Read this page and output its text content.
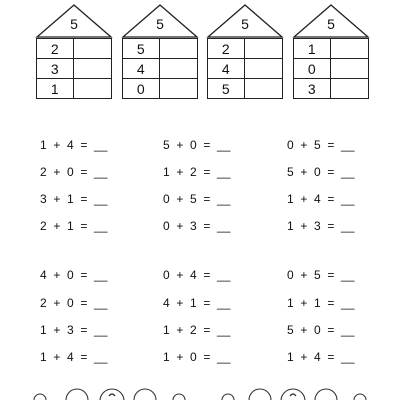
5
2	
3	
1	
5
5	
4	
0	
5
2	
4	
5	
5
1	
0	
3	
1  +  4  =  __	5  +  0  =  __	0  +  5  =  __
2  +  0  =  __	1  +  2  =  __	5  +  0  =  __
3  +  1  =  __	0  +  5  =  __	1  +  4  =  __
2  +  1  =  __	0  +  3  =  __	1  +  3  =  __
4  +  0  =  __	0  +  4  =  __	0  +  5  =  __
2  +  0  =  __	4  +  1  =  __	1  +  1  =  __
1  +  3  =  __	1  +  2  =  __	5  +  0  =  __
1  +  4  =  __	1  +  0  =  __	1  +  4  =  __
